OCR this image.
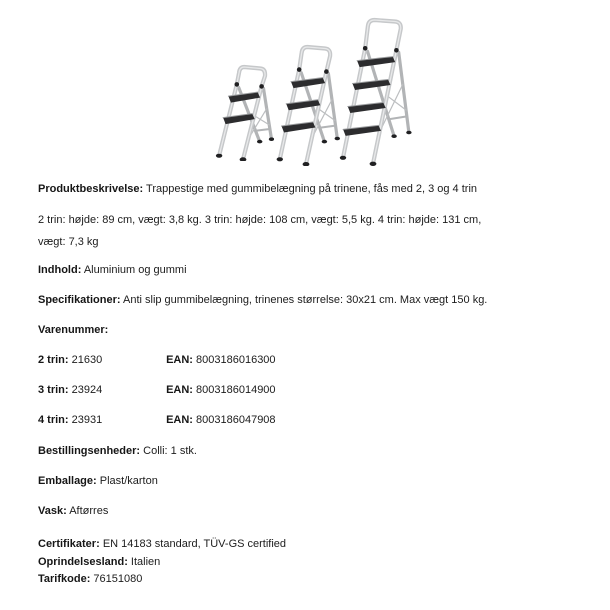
Produktbeskrivelse: Trappestige med gummibelægning på trinene, fås med 2, 3 og 4 trin
2 trin: højde: 89 cm, vægt: 3,8 kg. 3 trin: højde: 108 cm, vægt: 5,5 kg. 4 trin: højde: 131 cm,
vægt: 7,3 kg
Indhold: Aluminium og gummi
Specifikationer: Anti slip gummibelægning, trinenes størrelse: 30x21 cm. Max vægt 150 kg.
Varenummer:
2 trin: 21630	EAN: 8003186016300
3 trin: 23924	EAN: 8003186014900
4 trin: 23931	EAN: 8003186047908
Bestillingsenheder: Colli: 1 stk.
Emballage: Plast/karton
Vask: Aftørres
Certifikater: EN 14183 standard, TÜV-GS certified
Oprindelsesland: Italien
Tarifkode: 76151080
